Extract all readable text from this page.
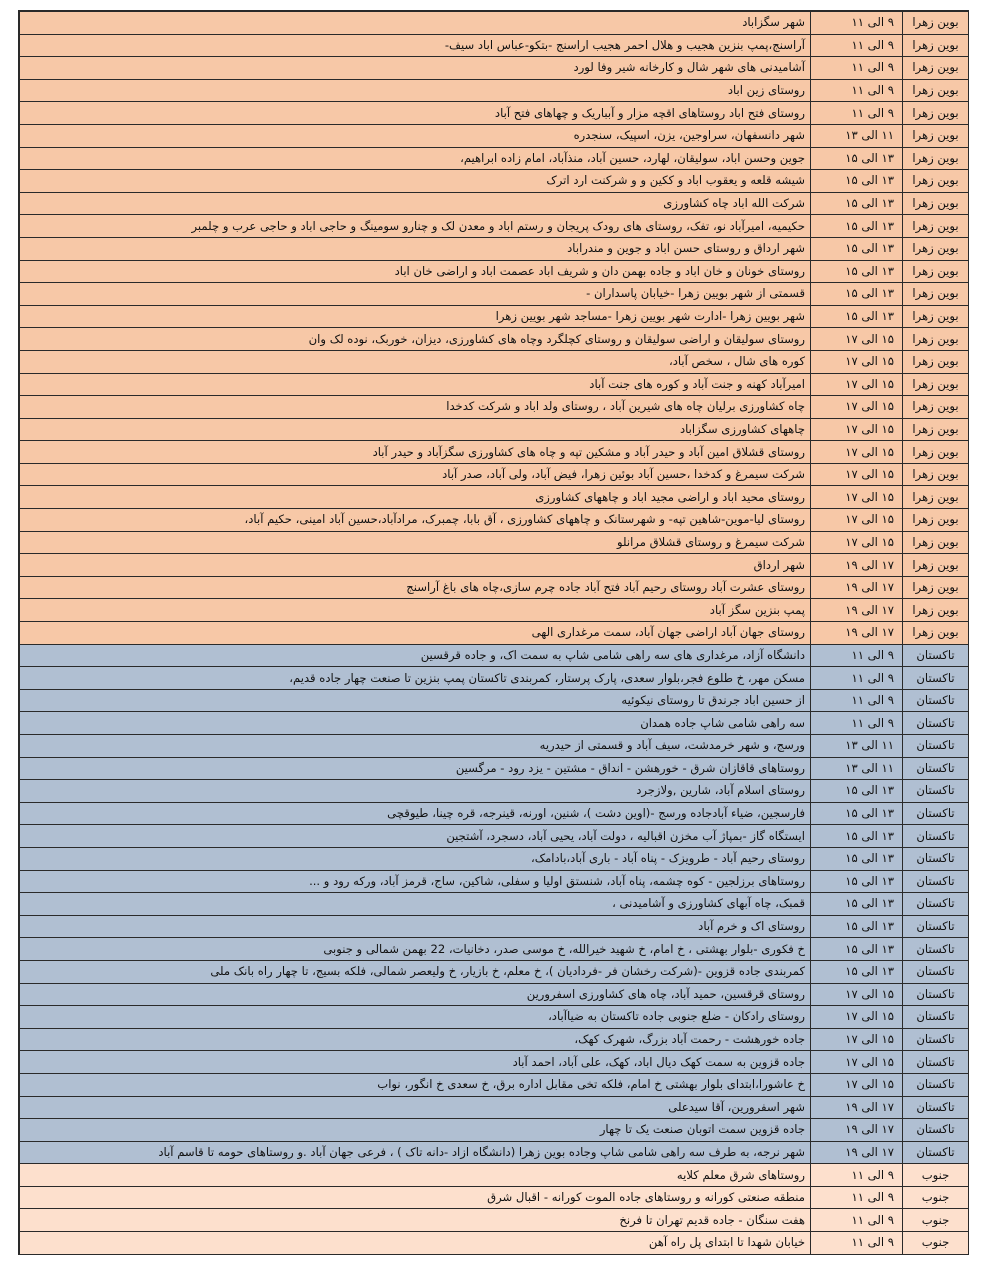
بوین زهرا	۹ الی ۱۱	شهر سگزاباد
بوین زهرا	۹ الی ۱۱	آراسنج،پمپ بنزین هجیب و هلال احمر هجیب اراسنج -بتکو-عباس اباد سیف-
بوین زهرا	۹ الی ۱۱	آشامیدنی های شهر شال و کارخانه شیر وفا لورد
بوین زهرا	۹ الی ۱۱	روستای زین اباد
بوین زهرا	۹ الی ۱۱	روستای فتح اباد روستاهای اقچه مزار و آبباریک و چهاهای فتح آباد
بوین زهرا	۱۱ الی ۱۳	شهر دانسفهان، سراوجین، یزن، اسپیک، سنجدره
بوین زهرا	۱۳ الی ۱۵	جوین وحسن اباد، سولیقان، لهارد، حسین آباد، منذآباد، امام زاده ابراهیم،
بوین زهرا	۱۳ الی ۱۵	شیشه قلعه و یعقوب اباد و ککین و و شرکنت ارد اترک
بوین زهرا	۱۳ الی ۱۵	شرکت الله اباد چاه کشاورزی
بوین زهرا	۱۳ الی ۱۵	حکیمیه، امیرآباد نو، تفک، روستای های رودک پریجان و رستم اباد و معدن لک و چنارو سومینگ و حاجی اباد و حاجی عرب و چلمبر
بوین زهرا	۱۳ الی ۱۵	شهر ارداق و روستای حسن اباد و جوین و مندراباد
بوین زهرا	۱۳ الی ۱۵	روستای خونان و خان اباد و جاده بهمن دان و شریف اباد عصمت اباد و اراضی خان اباد
بوین زهرا	۱۳ الی ۱۵	قسمتی از شهر بویین زهرا -خیابان پاسداران -
بوین زهرا	۱۳ الی ۱۵	شهر بویین زهرا -ادارت شهر بویین زهرا -مساجد شهر بویین زهرا
بوین زهرا	۱۵ الی ۱۷	روستای سولیقان و اراضی سولیقان و روستای کچلگرد وچاه های کشاورزی، دیزان، خوربک، نوده لک وان
بوین زهرا	۱۵ الی ۱۷	کوره های شال ، سخص آباد،
بوین زهرا	۱۵ الی ۱۷	امیرآباد کهنه و جنت آباد و کوره های جنت آباد
بوین زهرا	۱۵ الی ۱۷	چاه کشاورزی برلیان چاه های شیرین آباد ، روستای ولد اباد و شرکت کدخدا
بوین زهرا	۱۵ الی ۱۷	چاههای کشاورزی سگزاباد
بوین زهرا	۱۵ الی ۱۷	روستای قشلاق امین آباد و حیدر آباد و مشکین تپه و چاه های کشاورزی سگزآباد و حیدر آباد
بوین زهرا	۱۵ الی ۱۷	شرکت سیمرغ و کدخدا ،حسین آباد بوئین زهرا، فیض آباد، ولی آباد، صدر آباد
بوین زهرا	۱۵ الی ۱۷	روستای محید اباد و اراضی مجید اباد و چاههای کشاورزی
بوین زهرا	۱۵ الی ۱۷	روستای لیا-موین-شاهین تپه- و شهرستانک و چاههای کشاورزی ، آق بابا، چمبرک، مرادآباد،حسین آباد امینی، حکیم آباد،
بوین زهرا	۱۵ الی ۱۷	شرکت سیمرغ و روستای قشلاق مرانلو
بوین زهرا	۱۷ الی ۱۹	شهر ارداق
بوین زهرا	۱۷ الی ۱۹	روستای عشرت آباد روستای رحیم آباد فتح آباد جاده چرم سازی،چاه های باغ آراسنج
بوین زهرا	۱۷ الی ۱۹	پمپ بنزین سگز آباد
بوین زهرا	۱۷ الی ۱۹	روستای جهان آباد اراضی جهان آباد، سمت مرغداری الهی
تاکستان	۹ الی ۱۱	دانشگاه آزاد، مرغداری های سه راهی شامی شاپ به سمت اک، و جاده قرقسین
تاکستان	۹ الی ۱۱	مسکن مهر، خ طلوع فجر،بلوار سعدی، پارک پرستار، کمربندی تاکستان پمپ بنزین تا صنعت چهار جاده قدیم،
تاکستان	۹ الی ۱۱	از حسین اباد جرندق تا روستای نیکوئیه
تاکستان	۹ الی ۱۱	سه راهی شامی شاپ جاده همدان
تاکستان	۱۱ الی ۱۳	ورسج، و شهر خرمدشت، سیف آباد و قسمتی از حیدریه
تاکستان	۱۱ الی ۱۳	روستاهای قاقازان شرق - خورهشن - انداق - مشتین - یزد رود - مرگسین
تاکستان	۱۳ الی ۱۵	روستای اسلام آباد، شارین ,ولازجرد
تاکستان	۱۳ الی ۱۵	فارسجین، ضیاء آبادجاده ورسج -(اوین دشت )، شنین، اورنه، قینرجه، قره چینا، طیوقچی
تاکستان	۱۳ الی ۱۵	ایستگاه گاز -بمپاژ آب مخزن اقبالیه ، دولت آباد، یحیی آباد، دسجرد، آشتجین
تاکستان	۱۳ الی ۱۵	روستای رحیم آباد - طرویزک - پناه آباد - باری آباد،بادامک،
تاکستان	۱۳ الی ۱۵	روستاهای برزلجین - کوه چشمه، پناه آباد، شنستق اولیا و سفلی، شاکین، ساج، قرمز آباد، ورکه رود و ...
تاکستان	۱۳ الی ۱۵	قمبک، چاه آبهای کشاورزی و آشامیدنی ،
تاکستان	۱۳ الی ۱۵	روستای اک و خرم آباد
تاکستان	۱۳ الی ۱۵	خ فکوری -بلوار بهشتی ، خ امام، خ شهید خیرالله، خ موسی صدر، دخانیات، 22 بهمن شمالی و جنوبی
تاکستان	۱۳ الی ۱۵	کمربندی جاده قزوین -(شرکت رخشان فر -فردادیان )، خ معلم، خ بازیار، خ ولیعصر شمالی، فلکه بسیج، تا چهار راه بانک ملی
تاکستان	۱۵ الی ۱۷	روستای قرقسین، حمید آباد، چاه های کشاورزی اسفرورین
تاکستان	۱۵ الی ۱۷	روستای رادکان - ضلع جنوبی جاده تاکستان به ضیاآباد،
تاکستان	۱۵ الی ۱۷	جاده خورهشت - رحمت آباد بزرگ، شهرک کهک،
تاکستان	۱۵ الی ۱۷	جاده قزوین به سمت کهک دیال اباد، کهک، علی آباد، احمد آباد
تاکستان	۱۵ الی ۱۷	خ عاشورا،ابتدای بلوار بهشتی خ امام، فلکه تخی مقابل اداره برق، خ سعدی خ انگور، نواب
تاکستان	۱۷ الی ۱۹	شهر اسفرورین، آقا سیدعلی
تاکستان	۱۷ الی ۱۹	جاده قزوین سمت اتوبان صنعت یک تا چهار
تاکستان	۱۷ الی ۱۹	شهر نرجه، به طرف سه راهی شامی شاپ وجاده بوین زهرا (دانشگاه ازاد -دانه تاک ) ، فرعی جهان آباد .و روستاهای حومه تا قاسم آباد
جنوب	۹ الی ۱۱	روستاهای شرق معلم کلایه
جنوب	۹ الی ۱۱	منطقه صنعتی کورانه و روستاهای جاده الموت کورانه - اقبال شرق
جنوب	۹ الی ۱۱	هفت سنگان - جاده قدیم تهران تا فرنخ
جنوب	۹ الی ۱۱	خیابان شهدا تا ابتدای پل راه آهن
